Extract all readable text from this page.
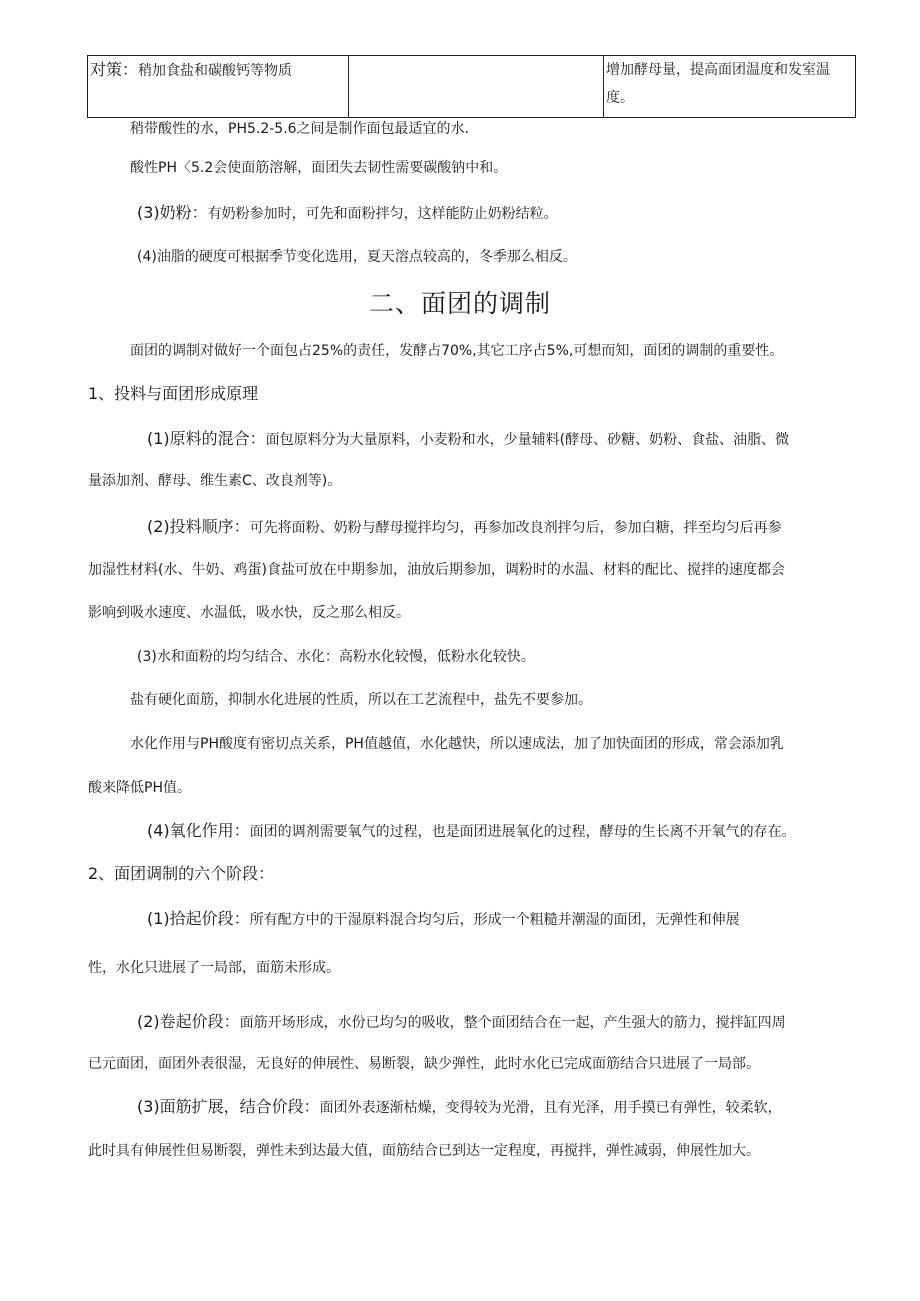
对策：稍加食盐和碳酸钙等物质		增加酵母量，提高面团温度和发室温
度。

稍带酸性的水，PH5.2-5.6之间是制作面包最适宜的水.

酸性PH〈5.2会使面筋溶解，面团失去韧性需要碳酸钠中和。

(3)奶粉：有奶粉参加时，可先和面粉拌匀，这样能防止奶粉结粒。

(4)油脂的硬度可根据季节变化选用，夏天溶点较高的，冬季那么相反。

二、面团的调制

面团的调制对做好一个面包占25%的责任，发酵占70%,其它工序占5%,可想而知，面团的调制的重要性。

1、投料与面团形成原理

(1)原料的混合：面包原料分为大量原料，小麦粉和水，少量辅料(酵母、砂糖、奶粉、食盐、油脂、微

量添加剂、酵母、维生素C、改良剂等)。

(2)投料顺序：可先将面粉、奶粉与酵母搅拌均匀，再参加改良剂拌匀后，参加白糖，拌至均匀后再参

加湿性材料(水、牛奶、鸡蛋)食盐可放在中期参加，油放后期参加，调粉时的水温、材料的配比、搅拌的速度都会

影响到吸水速度、水温低，吸水快，反之那么相反。

(3)水和面粉的均匀结合、水化：高粉水化较慢，低粉水化较快。

盐有硬化面筋，抑制水化进展的性质，所以在工艺流程中，盐先不要参加。

水化作用与PH酸度有密切点关系，PH值越值，水化越快，所以速成法，加了加快面团的形成，常会添加乳

酸来降低PH值。

(4)氧化作用：面团的调剂需要氧气的过程，也是面团进展氧化的过程，酵母的生长离不开氧气的存在。

2、面团调制的六个阶段：

(1)拾起价段：所有配方中的干湿原料混合均匀后，形成一个粗糙并潮湿的面团，无弹性和伸展

性，水化只进展了一局部，面筋未形成。

(2)卷起价段：面筋开场形成，水份已均匀的吸收，整个面团结合在一起，产生强大的筋力，搅拌缸四周

已元面团，面团外表很湿，无良好的伸展性、易断裂，缺少弹性，此时水化已完成面筋结合只进展了一局部。

(3)面筋扩展，结合价段：面团外表逐渐枯燥，变得较为光滑，且有光泽，用手摸已有弹性，较柔软，

此时具有伸展性但易断裂，弹性未到达最大值，面筋结合已到达一定程度，再搅拌，弹性减弱，伸展性加大。
